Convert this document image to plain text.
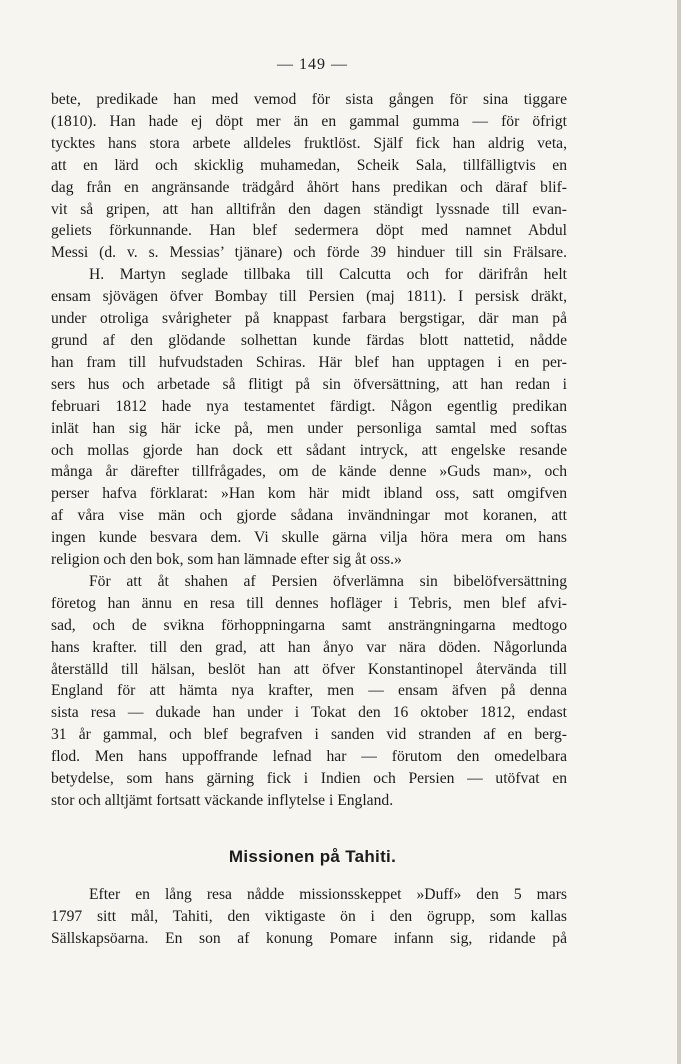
— 149 —
bete, predikade han med vemod för sista gången för sina tiggare
(1810). Han hade ej döpt mer än en gammal gumma — för öfrigt
tycktes hans stora arbete alldeles fruktlöst. Själf fick han aldrig veta,
att en lärd och skicklig muhamedan, Scheik Sala, tillfälligtvis en
dag från en angränsande trädgård åhört hans predikan och däraf blif-
vit så gripen, att han alltifrån den dagen ständigt lyssnade till evan-
geliets förkunnande. Han blef sedermera döpt med namnet Abdul
Messi (d. v. s. Messias’ tjänare) och förde 39 hinduer till sin Frälsare.
H. Martyn seglade tillbaka till Calcutta och for därifrån helt
ensam sjövägen öfver Bombay till Persien (maj 1811). I persisk dräkt,
under otroliga svårigheter på knappast farbara bergstigar, där man på
grund af den glödande solhettan kunde färdas blott nattetid, nådde
han fram till hufvudstaden Schiras. Här blef han upptagen i en per-
sers hus och arbetade så flitigt på sin öfversättning, att han redan i
februari 1812 hade nya testamentet färdigt. Någon egentlig predikan
inlät han sig här icke på, men under personliga samtal med softas
och mollas gjorde han dock ett sådant intryck, att engelske resande
många år därefter tillfrågades, om de kände denne »Guds man», och
perser hafva förklarat: »Han kom här midt ibland oss, satt omgifven
af våra vise män och gjorde sådana invändningar mot koranen, att
ingen kunde besvara dem. Vi skulle gärna vilja höra mera om hans
religion och den bok, som han lämnade efter sig åt oss.»
För att åt shahen af Persien öfverlämna sin bibelöfversättning
företog han ännu en resa till dennes hofläger i Tebris, men blef afvi-
sad, och de svikna förhoppningarna samt ansträngningarna medtogo
hans krafter. till den grad, att han ånyo var nära döden. Någorlunda
återställd till hälsan, beslöt han att öfver Konstantinopel återvända till
England för att hämta nya krafter, men — ensam äfven på denna
sista resa — dukade han under i Tokat den 16 oktober 1812, endast
31 år gammal, och blef begrafven i sanden vid stranden af en berg-
flod. Men hans uppoffrande lefnad har — förutom den omedelbara
betydelse, som hans gärning fick i Indien och Persien — utöfvat en
stor och alltjämt fortsatt väckande inflytelse i England.
Missionen på Tahiti.
Efter en lång resa nådde missionsskeppet »Duff» den 5 mars
1797 sitt mål, Tahiti, den viktigaste ön i den ögrupp, som kallas
Sällskapsöarna. En son af konung Pomare infann sig, ridande på
